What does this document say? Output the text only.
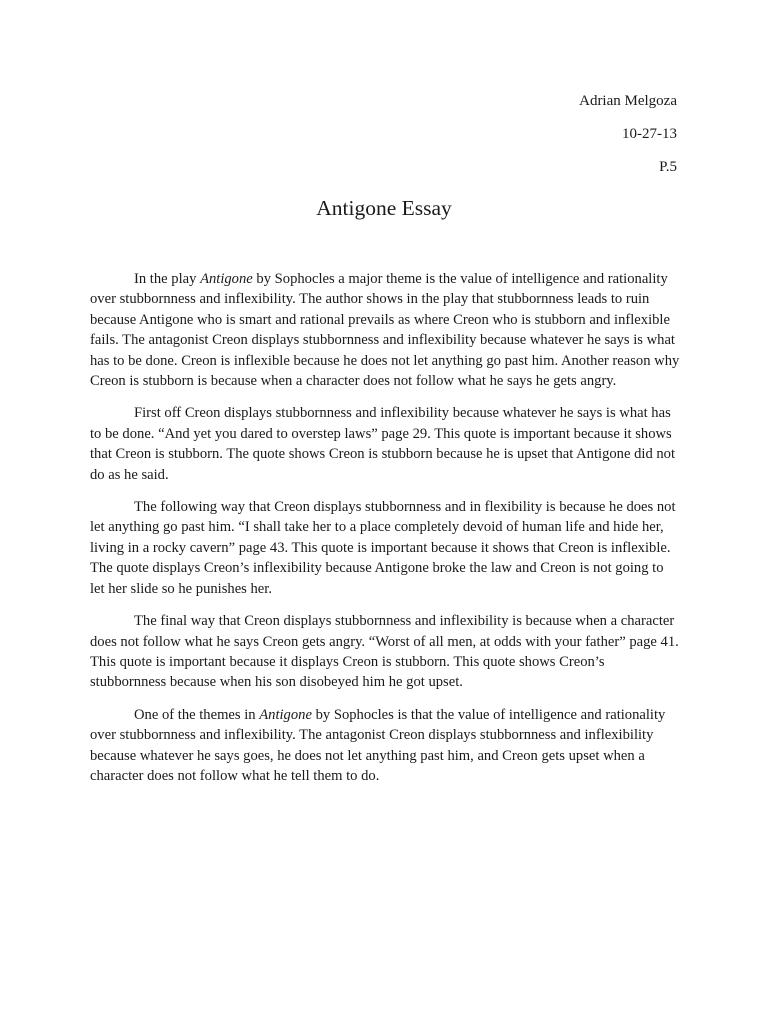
Adrian Melgoza
10-27-13
P.5
Antigone Essay

In the play Antigone by Sophocles a major theme is the value of intelligence and rationality over stubbornness and inflexibility. The author shows in the play that stubbornness leads to ruin because Antigone who is smart and rational prevails as where Creon who is stubborn and inflexible fails. The antagonist Creon displays stubbornness and inflexibility because whatever he says is what has to be done. Creon is inflexible because he does not let anything go past him. Another reason why Creon is stubborn is because when a character does not follow what he says he gets angry.

First off Creon displays stubbornness and inflexibility because whatever he says is what has to be done. “And yet you dared to overstep laws” page 29. This quote is important because it shows that Creon is stubborn. The quote shows Creon is stubborn because he is upset that Antigone did not do as he said.

The following way that Creon displays stubbornness and in flexibility is because he does not let anything go past him. “I shall take her to a place completely devoid of human life and hide her, living in a rocky cavern” page 43. This quote is important because it shows that Creon is inflexible. The quote displays Creon’s inflexibility because Antigone broke the law and Creon is not going to let her slide so he punishes her.

The final way that Creon displays stubbornness and inflexibility is because when a character does not follow what he says Creon gets angry. “Worst of all men, at odds with your father” page 41. This quote is important because it displays Creon is stubborn. This quote shows Creon’s stubbornness because when his son disobeyed him he got upset.

One of the themes in Antigone by Sophocles is that the value of intelligence and rationality over stubbornness and inflexibility. The antagonist Creon displays stubbornness and inflexibility because whatever he says goes, he does not let anything past him, and Creon gets upset when a character does not follow what he tell them to do.
